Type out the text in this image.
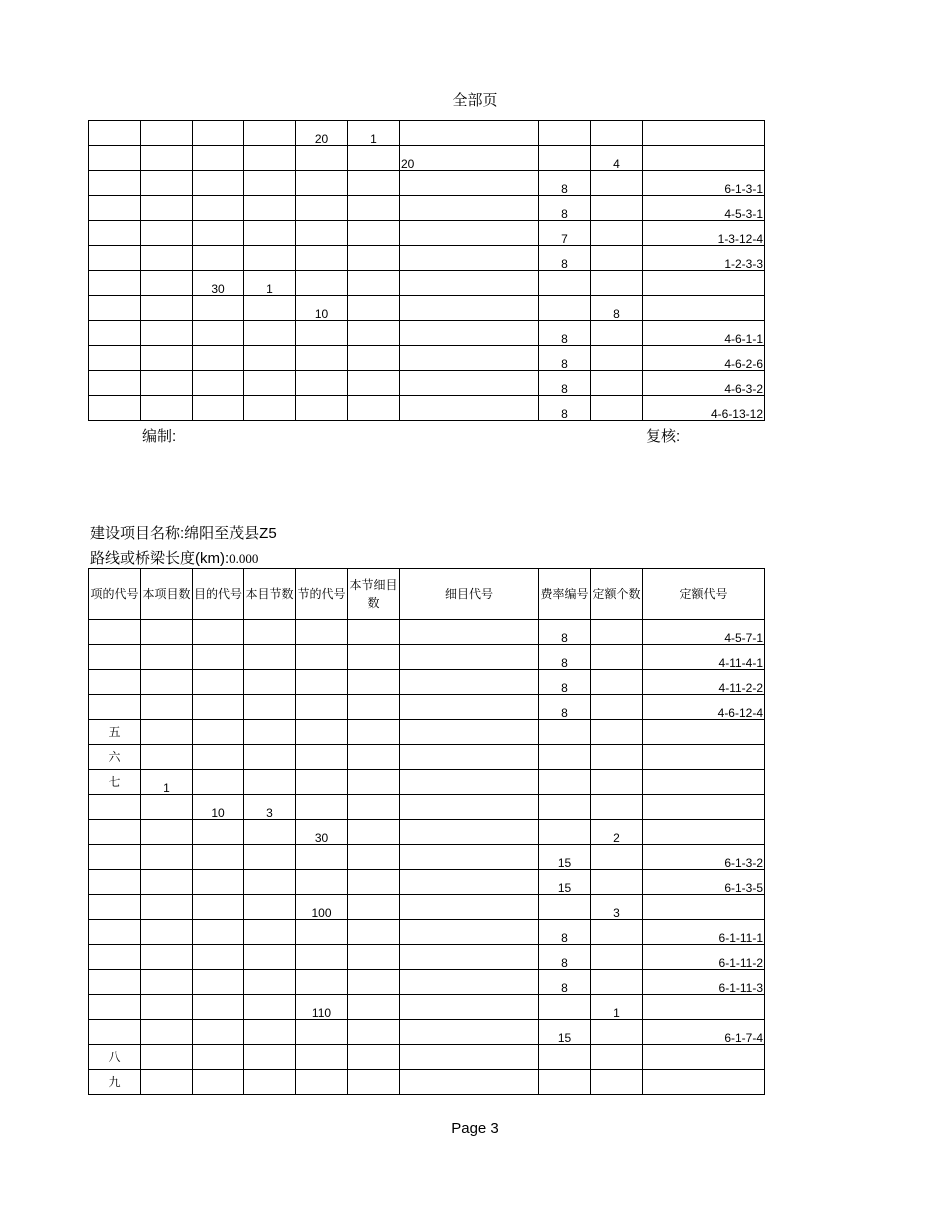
全部页
				20	1				
						20		4	
							8		6-1-3-1
							8		4-5-3-1
							7		1-3-12-4
							8		1-2-3-3
		30	1						
				10				8	
							8		4-6-1-1
							8		4-6-2-6
							8		4-6-3-2
							8		4-6-13-12
编制:	复核:
建设项目名称:绵阳至茂县Z5
路线或桥梁长度(km):0.000
项的代号	本项目数	目的代号	本目节数	节的代号	本节细目数	细目代号	费率编号	定额个数	定额代号
							8		4-5-7-1
							8		4-11-4-1
							8		4-11-2-2
							8		4-6-12-4
五									
六									
七	1								
		10	3						
				30				2	
							15		6-1-3-2
							15		6-1-3-5
				100				3	
							8		6-1-11-1
							8		6-1-11-2
							8		6-1-11-3
				110				1	
							15		6-1-7-4
八									
九									
Page 3
